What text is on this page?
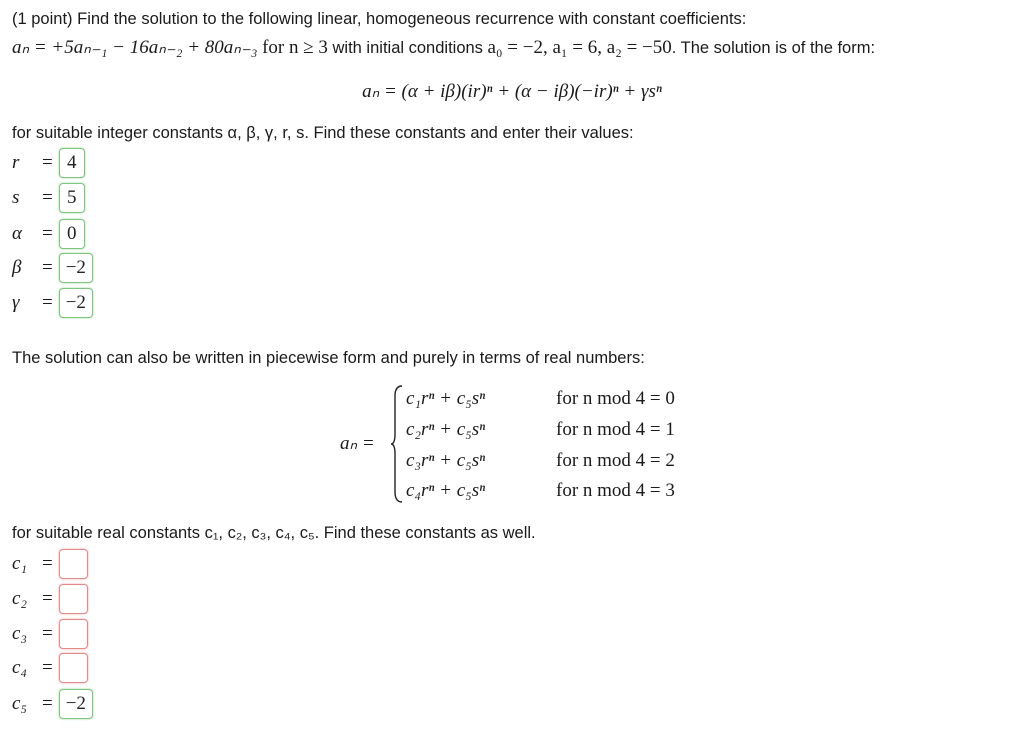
(1 point) Find the solution to the following linear, homogeneous recurrence with constant coefficients:
aₙ = +5aₙ₋₁ − 16aₙ₋₂ + 80aₙ₋₃ for n ≥ 3 with initial conditions a₀ = −2, a₁ = 6, a₂ = −50. The solution is of the form:
aₙ = (α + iβ)(ir)ⁿ + (α − iβ)(−ir)ⁿ + γsⁿ
for suitable integer constants α, β, γ, r, s. Find these constants and enter their values:
r	= 4
s	= 5
α	= 0
β	= −2
γ	= −2
The solution can also be written in piecewise form and purely in terms of real numbers:
aₙ =
c₁rⁿ + c₅sⁿ	for n mod 4 = 0
c₂rⁿ + c₅sⁿ	for n mod 4 = 1
c₃rⁿ + c₅sⁿ	for n mod 4 = 2
c₄rⁿ + c₅sⁿ	for n mod 4 = 3
for suitable real constants c₁, c₂, c₃, c₄, c₅. Find these constants as well.
c₁ =
c₂ =
c₃ =
c₄ =
c₅ = −2
